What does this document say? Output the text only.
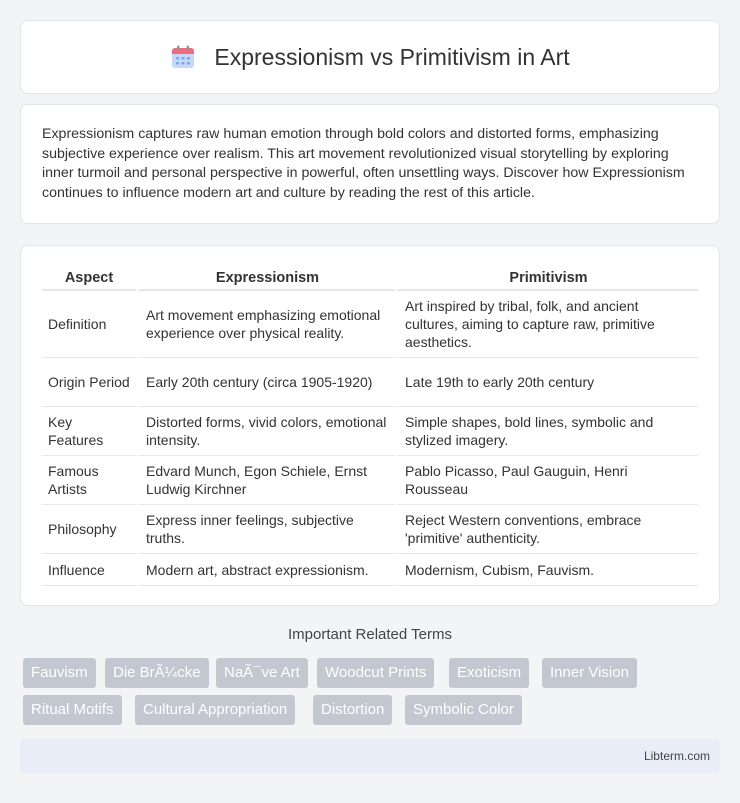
Expressionism vs Primitivism in Art

Expressionism captures raw human emotion through bold colors and distorted forms, emphasizing subjective experience over realism. This art movement revolutionized visual storytelling by exploring inner turmoil and personal perspective in powerful, often unsettling ways. Discover how Expressionism continues to influence modern art and culture by reading the rest of this article.

Aspect	Expressionism	Primitivism
Definition	Art movement emphasizing emotional experience over physical reality.	Art inspired by tribal, folk, and ancient cultures, aiming to capture raw, primitive aesthetics.
Origin Period	Early 20th century (circa 1905-1920)	Late 19th to early 20th century
Key Features	Distorted forms, vivid colors, emotional intensity.	Simple shapes, bold lines, symbolic and stylized imagery.
Famous Artists	Edvard Munch, Egon Schiele, Ernst Ludwig Kirchner	Pablo Picasso, Paul Gauguin, Henri Rousseau
Philosophy	Express inner feelings, subjective truths.	Reject Western conventions, embrace 'primitive' authenticity.
Influence	Modern art, abstract expressionism.	Modernism, Cubism, Fauvism.
Important Related Terms
Fauvism	Die BrÃ¼cke	NaÃ¯ve Art	Woodcut Prints	Exoticism	Inner Vision
Ritual Motifs	Cultural Appropriation	Distortion	Symbolic Color
Libterm.com
